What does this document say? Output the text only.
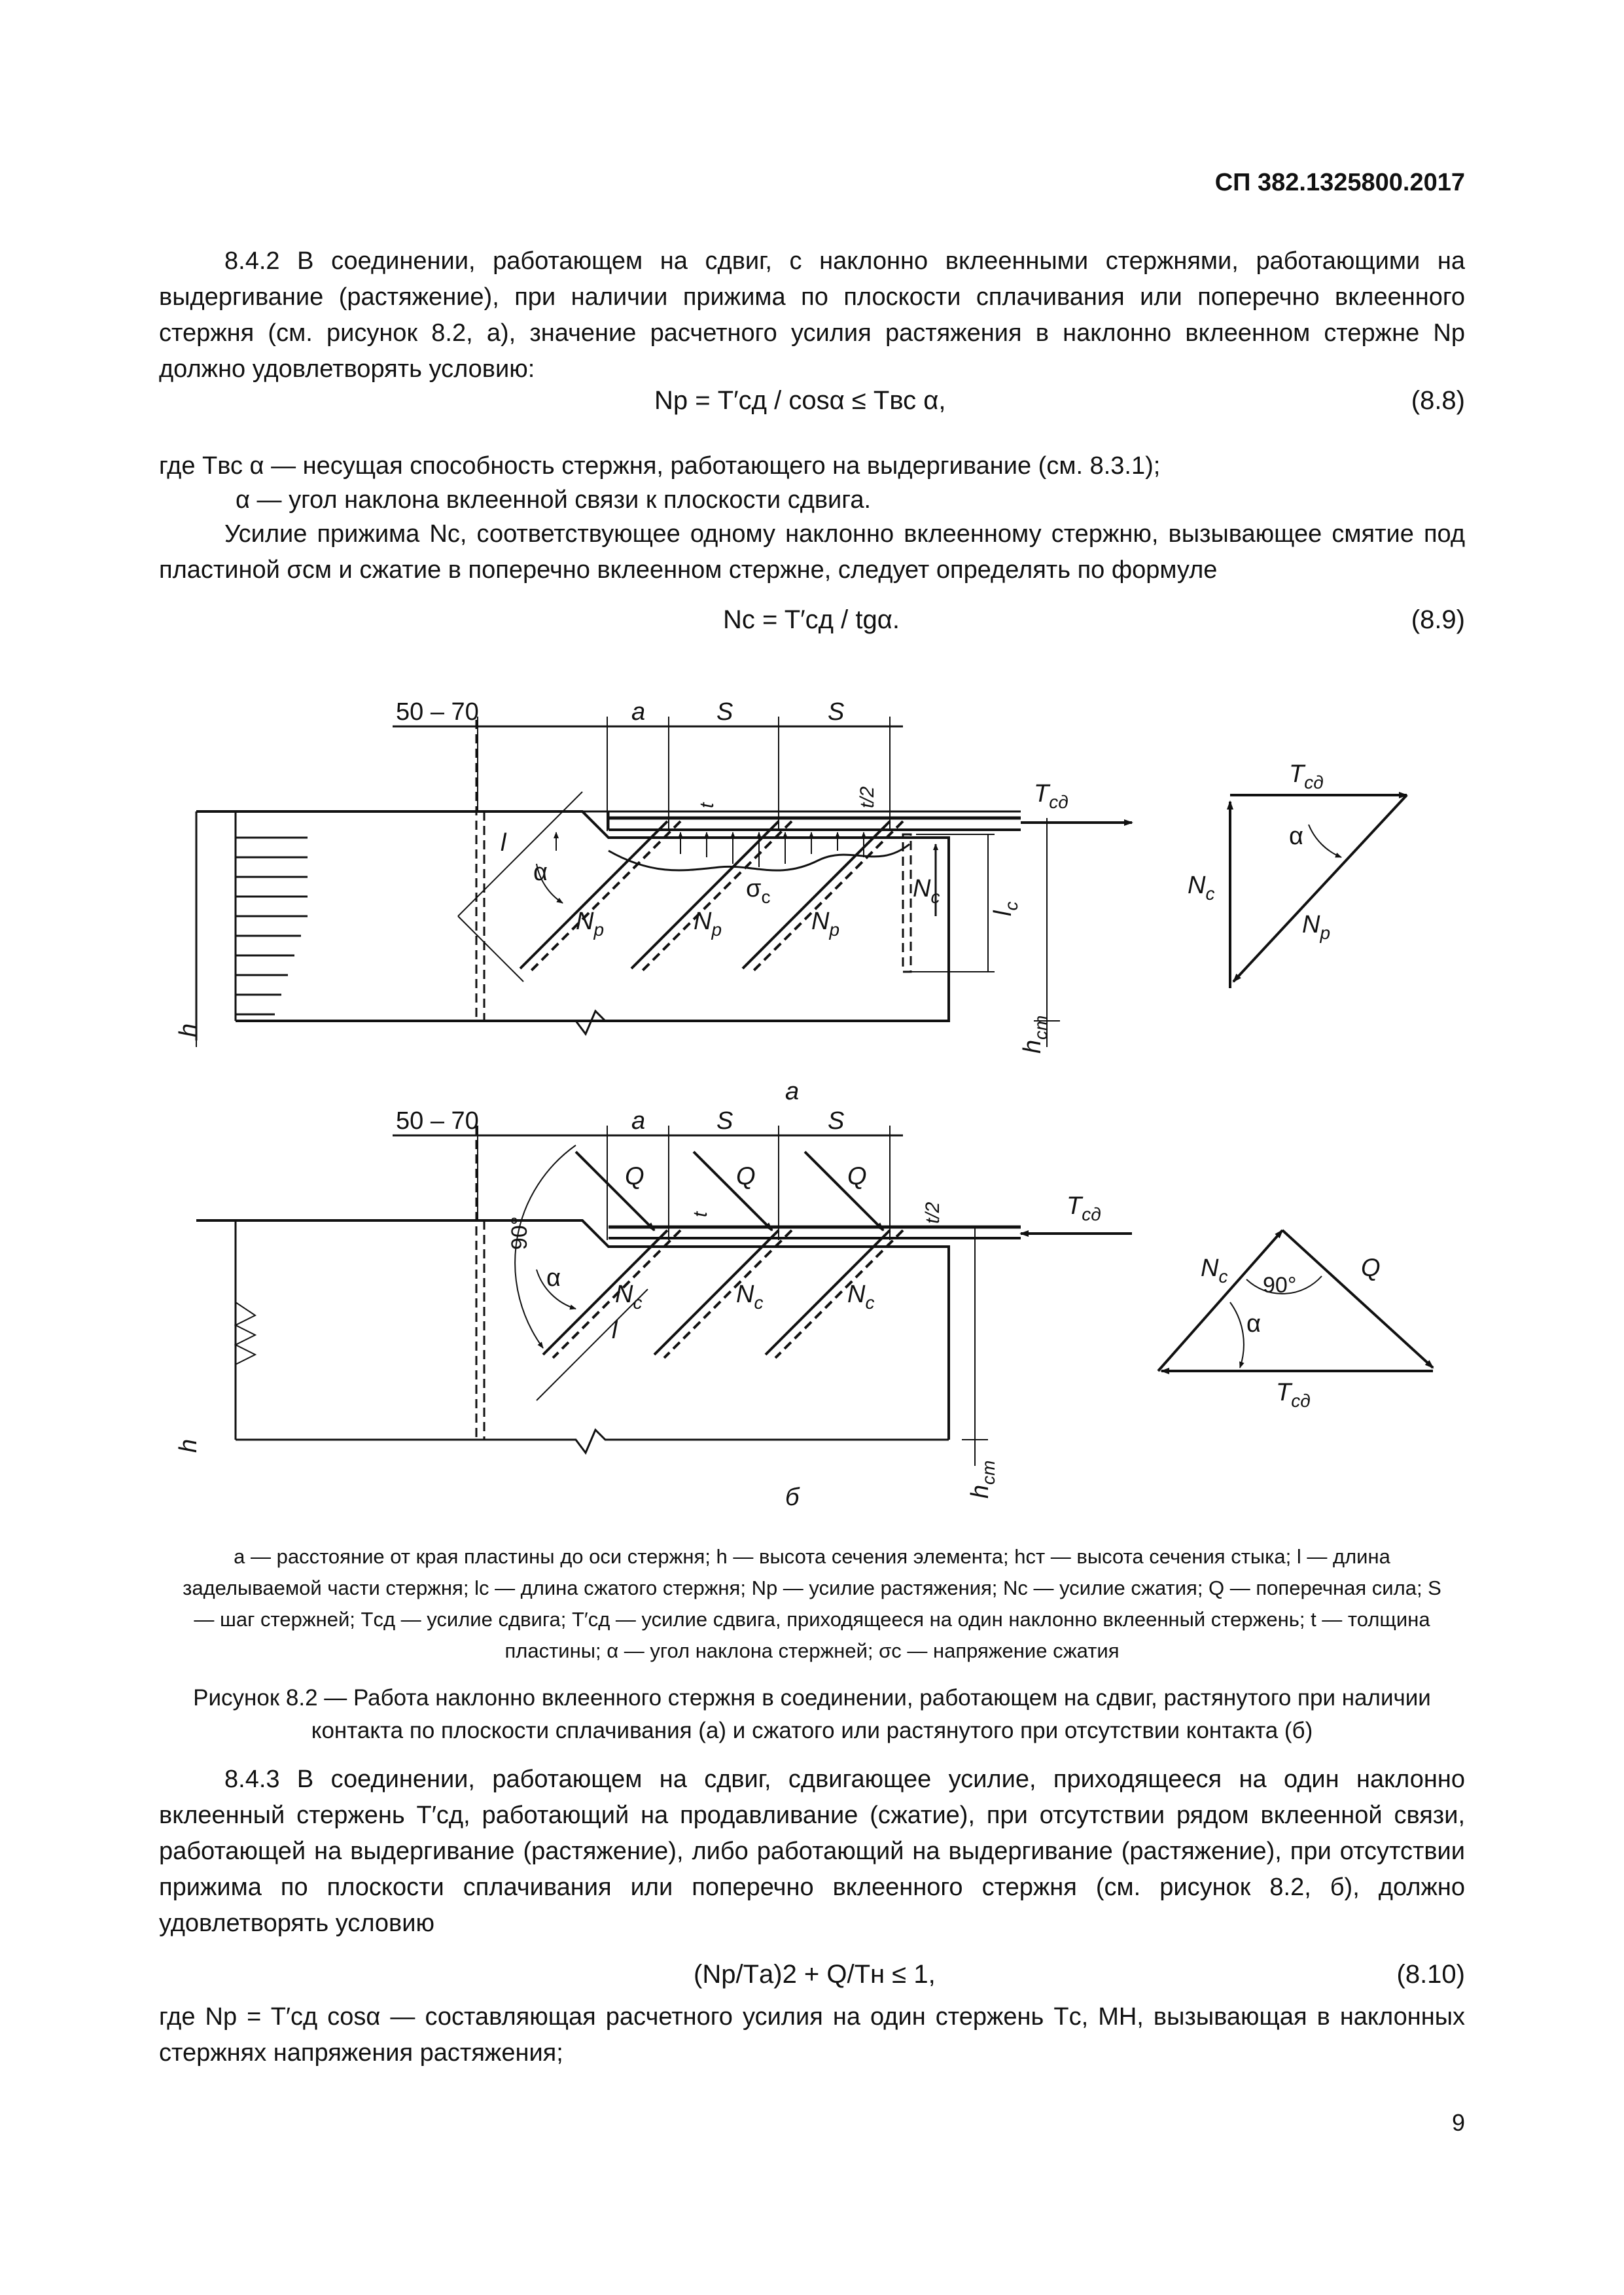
СП 382.1325800.2017
8.4.2 В соединении, работающем на сдвиг, с наклонно вклеенными стержнями, работающими на выдергивание (растяжение), при наличии прижима по плоскости сплачивания или поперечно вклеенного стержня (см. рисунок 8.2, а), значение расчетного усилия растяжения в наклонно вклеенном стержне Nр должно удовлетворять условию:
Nр = T′сд / cosα ≤ Tвс α,	(8.8)
где Tвс α — несущая способность стержня, работающего на выдергивание (см. 8.3.1);
α — угол наклона вклеенной связи к плоскости сдвига.
Усилие прижима Nc, соответствующее одному наклонно вклеенному стержню, вызывающее смятие под пластиной σсм и сжатие в поперечно вклеенном стержне, следует определять по формуле
Nc = T′сд / tgα.	(8.9)
50 – 70	a	S	S
$T_{сд}$
α
l
$N_р$	$N_р$	$N_р$
$\sigma_с$	$N_с$
t	t/2
$l_с$
h
$h_{ст}$
а
$T_{сд}$
α
$N_с$
$N_р$
50 – 70	a	S	S
Q	Q	Q
$T_{сд}$
90°
α
$N_с$	$N_с$	$N_с$
l
t	t/2
h
$h_{ст}$
б
$N_с$	Q
90°
α
$T_{сд}$
a — расстояние от края пластины до оси стержня; h — высота сечения элемента; hст — высота сечения стыка; l — длина заделываемой части стержня; lс — длина сжатого стержня; Nр — усилие растяжения; Nс — усилие сжатия; Q — поперечная сила; S — шаг стержней; Tсд — усилие сдвига; T′сд — усилие сдвига, приходящееся на один наклонно вклеенный стержень; t — толщина пластины; α — угол наклона стержней; σс — напряжение сжатия
Рисунок 8.2 — Работа наклонно вклеенного стержня в соединении, работающем на сдвиг, растянутого при наличии контакта по плоскости сплачивания (а) и сжатого или растянутого при отсутствии контакта (б)
8.4.3 В соединении, работающем на сдвиг, сдвигающее усилие, приходящееся на один наклонно вклеенный стержень T′сд, работающий на продавливание (сжатие), при отсутствии рядом вклеенной связи, работающей на выдергивание (растяжение), либо работающий на выдергивание (растяжение), при отсутствии прижима по плоскости сплачивания или поперечно вклеенного стержня (см. рисунок 8.2, б), должно удовлетворять условию
(Nр/Tа)2 + Q/Tн ≤ 1,	(8.10)
где Np = T′сд cosα — составляющая расчетного усилия на один стержень Tс, МН, вызывающая в наклонных стержнях напряжения растяжения;
9
